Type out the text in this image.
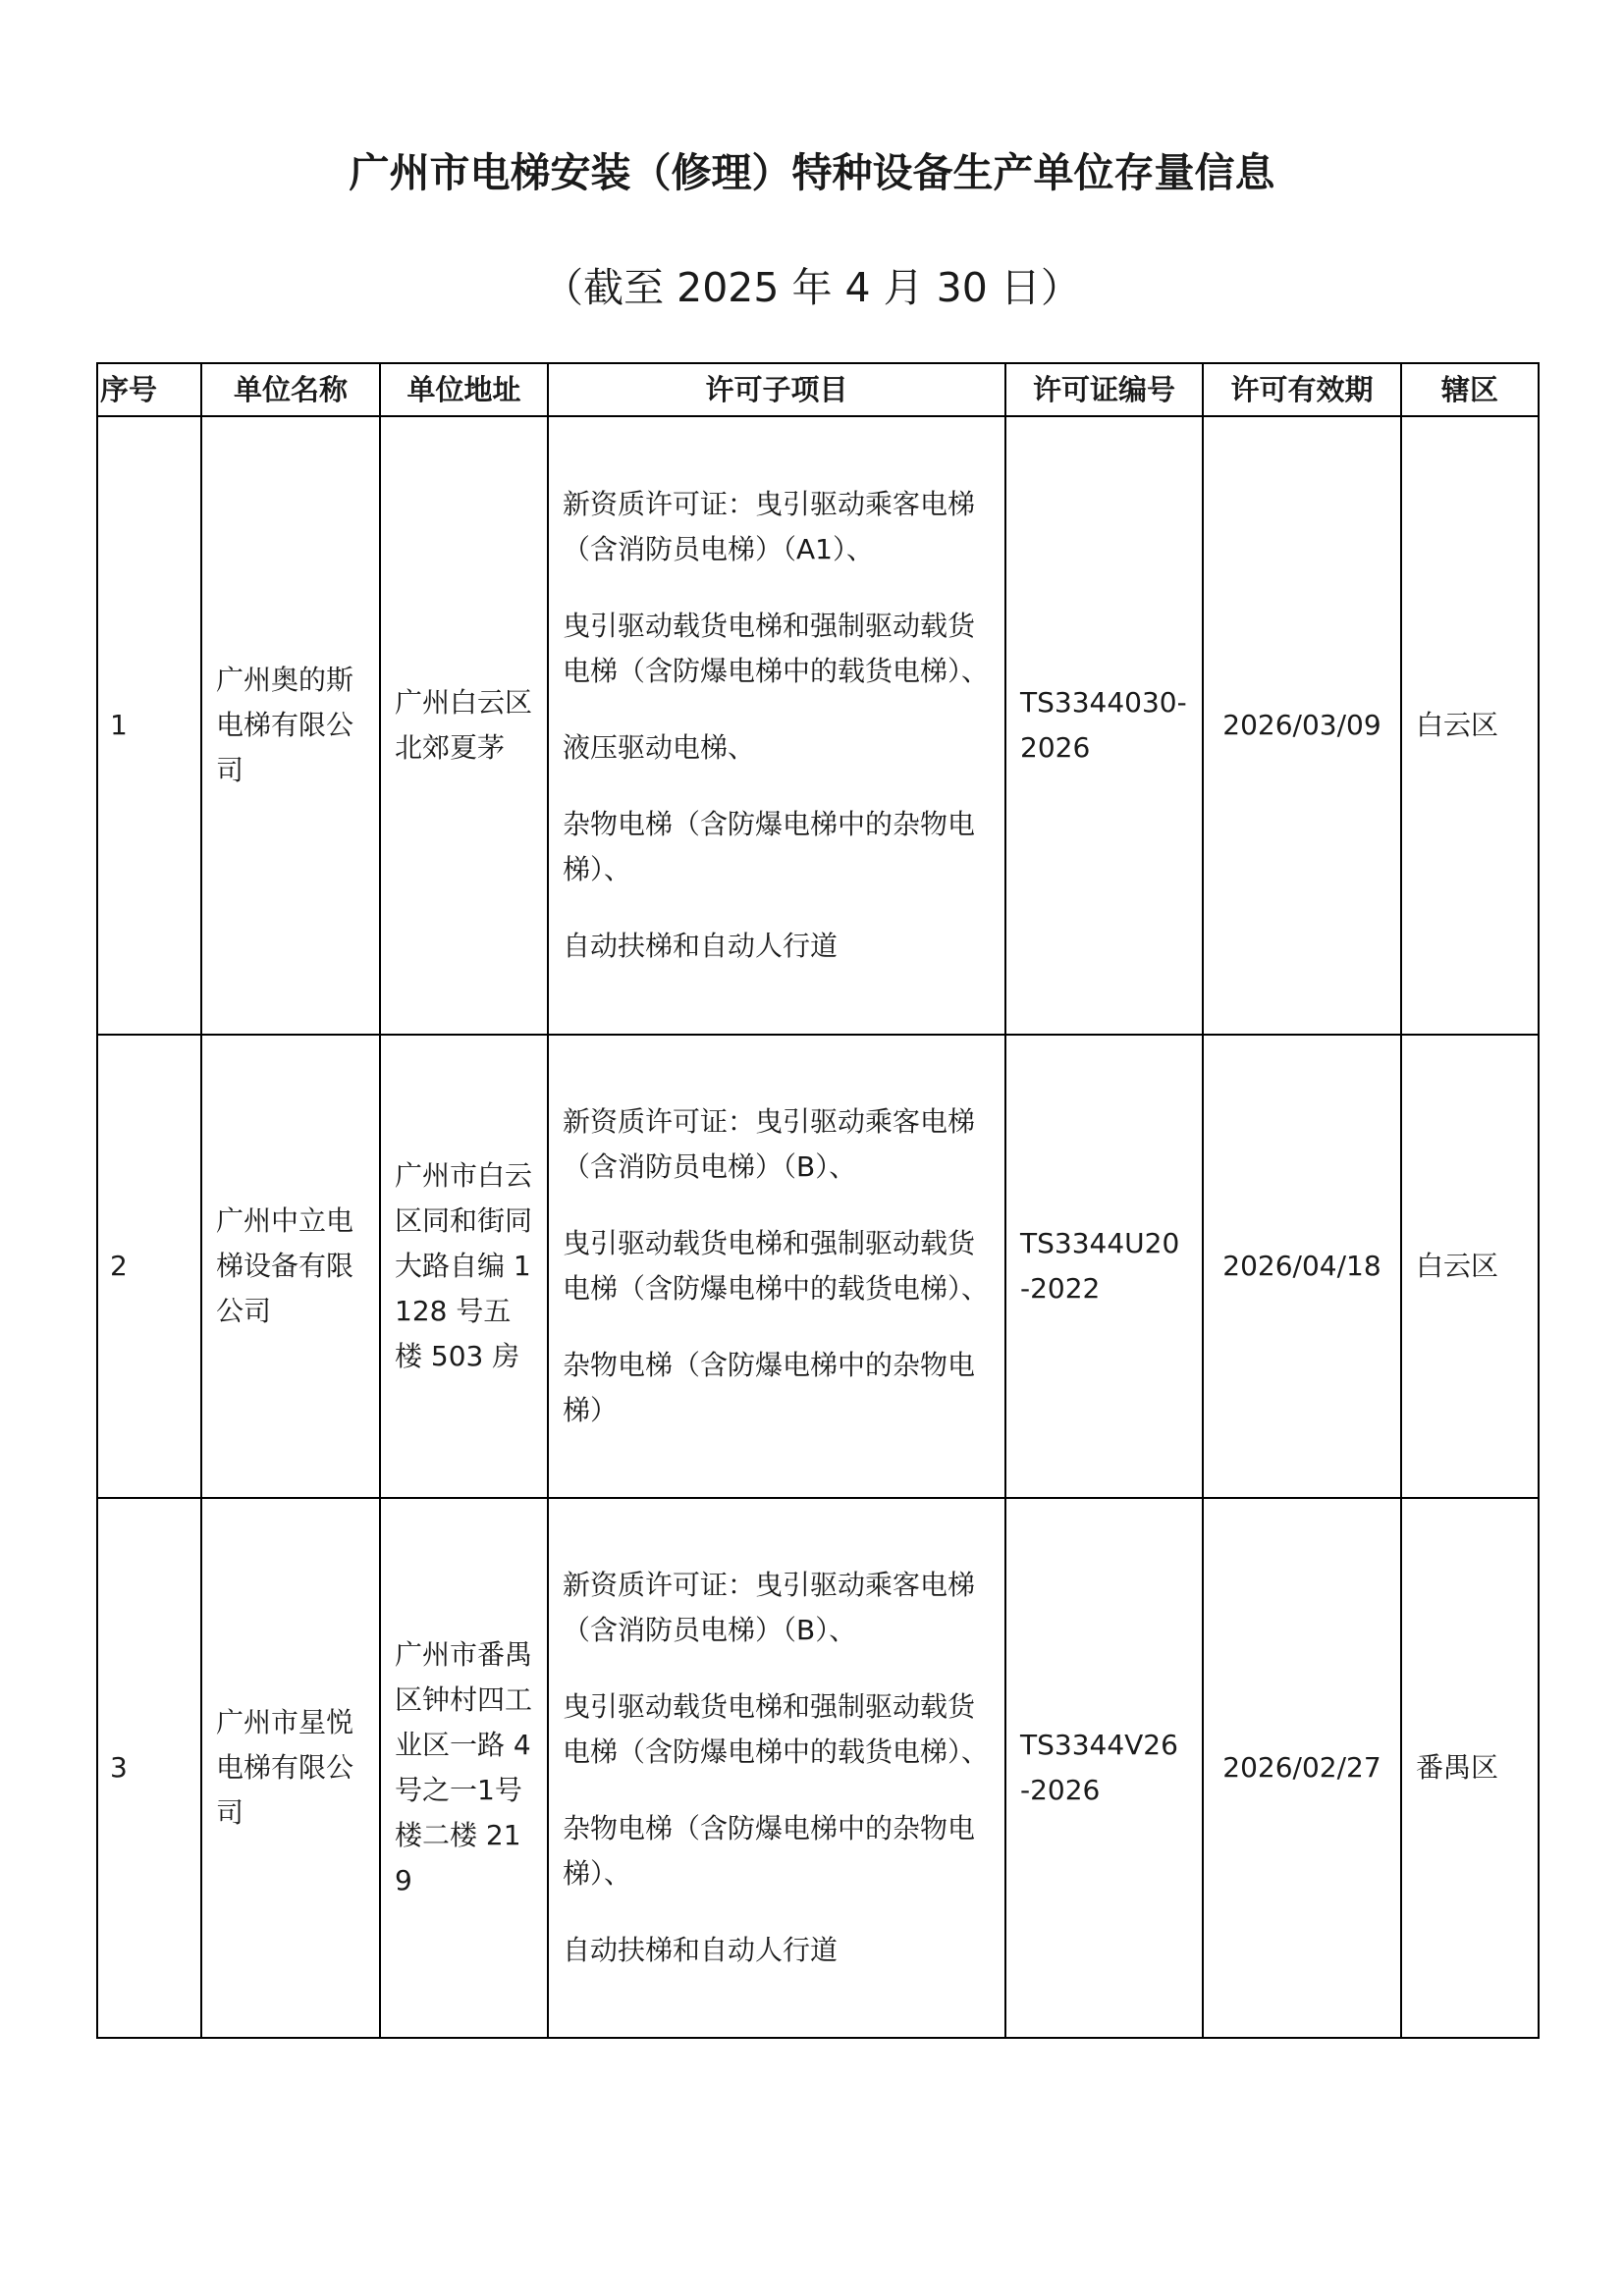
广州市电梯安装（修理）特种设备生产单位存量信息

（截至 2025 年 4 月 30 日）

序号	单位名称	单位地址	许可子项目	许可证编号	许可有效期	辖区
1	广州奥的斯电梯有限公司	广州白云区北郊夏茅	新资质许可证：曳引驱动乘客电梯（含消防员电梯）（A1）、

曳引驱动载货电梯和强制驱动载货电梯（含防爆电梯中的载货电梯）、

液压驱动电梯、

杂物电梯（含防爆电梯中的杂物电梯）、

自动扶梯和自动人行道	TS3344030-2026	2026/03/09	白云区
2	广州中立电梯设备有限公司	广州市白云区同和街同大路自编 1128 号五楼 503 房	新资质许可证：曳引驱动乘客电梯（含消防员电梯）（B）、

曳引驱动载货电梯和强制驱动载货电梯（含防爆电梯中的载货电梯）、

杂物电梯（含防爆电梯中的杂物电梯）	TS3344U20-2022	2026/04/18	白云区
3	广州市星悦电梯有限公司	广州市番禺区钟村四工业区一路 4 号之一1号楼二楼 219	新资质许可证：曳引驱动乘客电梯（含消防员电梯）（B）、

曳引驱动载货电梯和强制驱动载货电梯（含防爆电梯中的载货电梯）、

杂物电梯（含防爆电梯中的杂物电梯）、

自动扶梯和自动人行道	TS3344V26-2026	2026/02/27	番禺区
